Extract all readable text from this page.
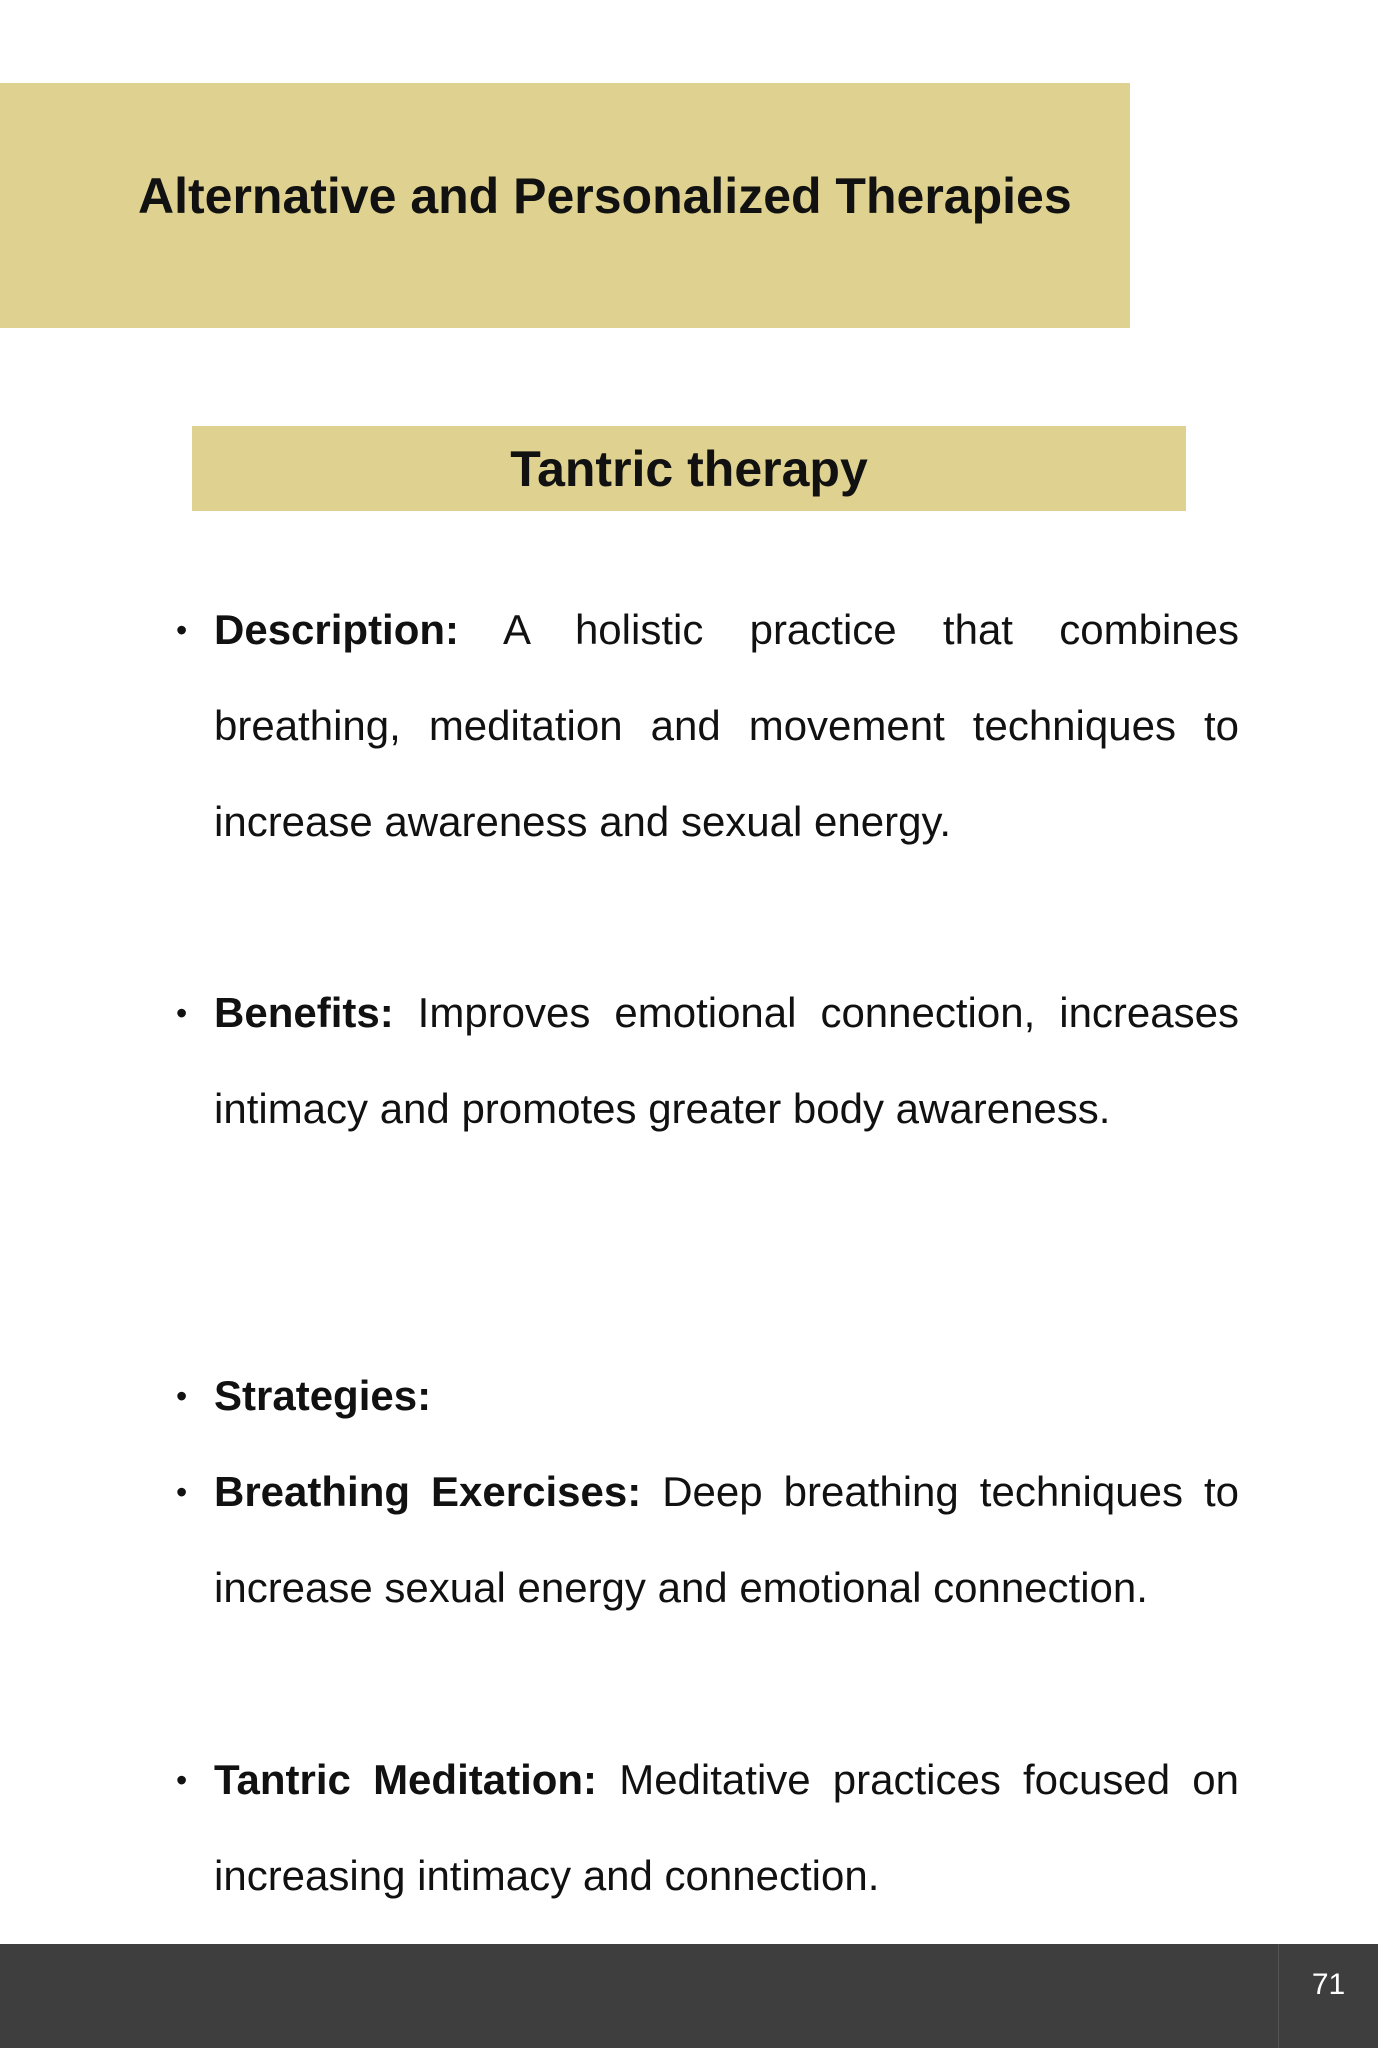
Alternative and Personalized Therapies
Tantric therapy
• Description: A holistic practice that combines breathing, meditation and movement techniques to increase awareness and sexual energy.
• Benefits: Improves emotional connection, increases intimacy and promotes greater body awareness.
• Strategies:
• Breathing Exercises: Deep breathing techniques to increase sexual energy and emotional connection.
• Tantric Meditation: Meditative practices focused on increasing intimacy and connection.
71
